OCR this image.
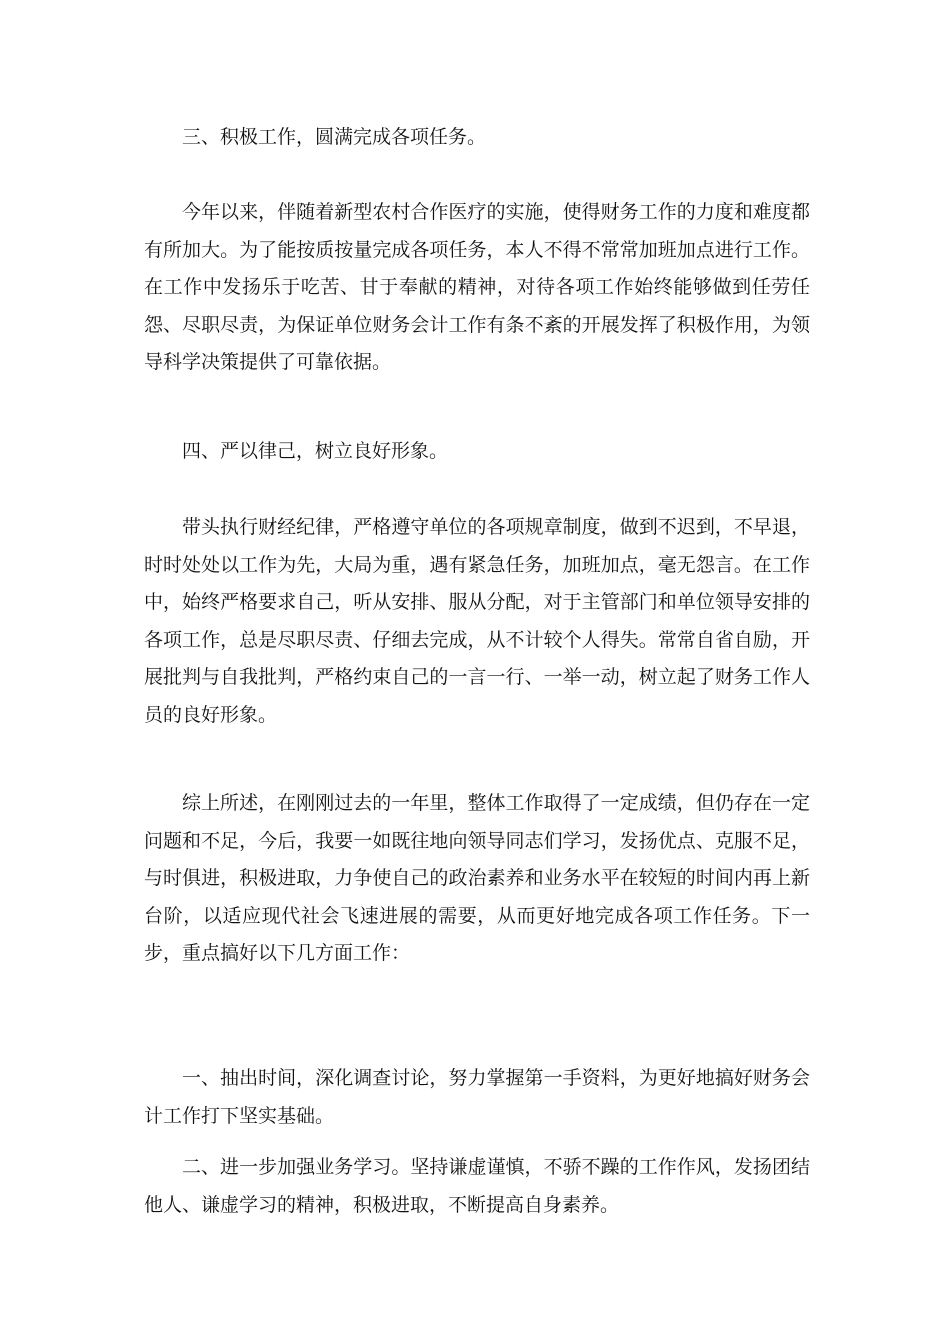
三、积极工作，圆满完成各项任务。

今年以来，伴随着新型农村合作医疗的实施，使得财务工作的力度和难度都有所加大。为了能按质按量完成各项任务，本人不得不常常加班加点进行工作。在工作中发扬乐于吃苦、甘于奉献的精神，对待各项工作始终能够做到任劳任怨、尽职尽责，为保证单位财务会计工作有条不紊的开展发挥了积极作用，为领导科学决策提供了可靠依据。

四、严以律己，树立良好形象。

带头执行财经纪律，严格遵守单位的各项规章制度，做到不迟到，不早退，时时处处以工作为先，大局为重，遇有紧急任务，加班加点，毫无怨言。在工作中，始终严格要求自己，听从安排、服从分配，对于主管部门和单位领导安排的各项工作，总是尽职尽责、仔细去完成，从不计较个人得失。常常自省自励，开展批判与自我批判，严格约束自己的一言一行、一举一动，树立起了财务工作人员的良好形象。

综上所述，在刚刚过去的一年里，整体工作取得了一定成绩，但仍存在一定问题和不足，今后，我要一如既往地向领导同志们学习，发扬优点、克服不足，与时俱进，积极进取，力争使自己的政治素养和业务水平在较短的时间内再上新台阶，以适应现代社会飞速进展的需要，从而更好地完成各项工作任务。下一步，重点搞好以下几方面工作：

一、抽出时间，深化调查讨论，努力掌握第一手资料，为更好地搞好财务会计工作打下坚实基础。

二、进一步加强业务学习。坚持谦虚谨慎，不骄不躁的工作作风，发扬团结他人、谦虚学习的精神，积极进取，不断提高自身素养。
